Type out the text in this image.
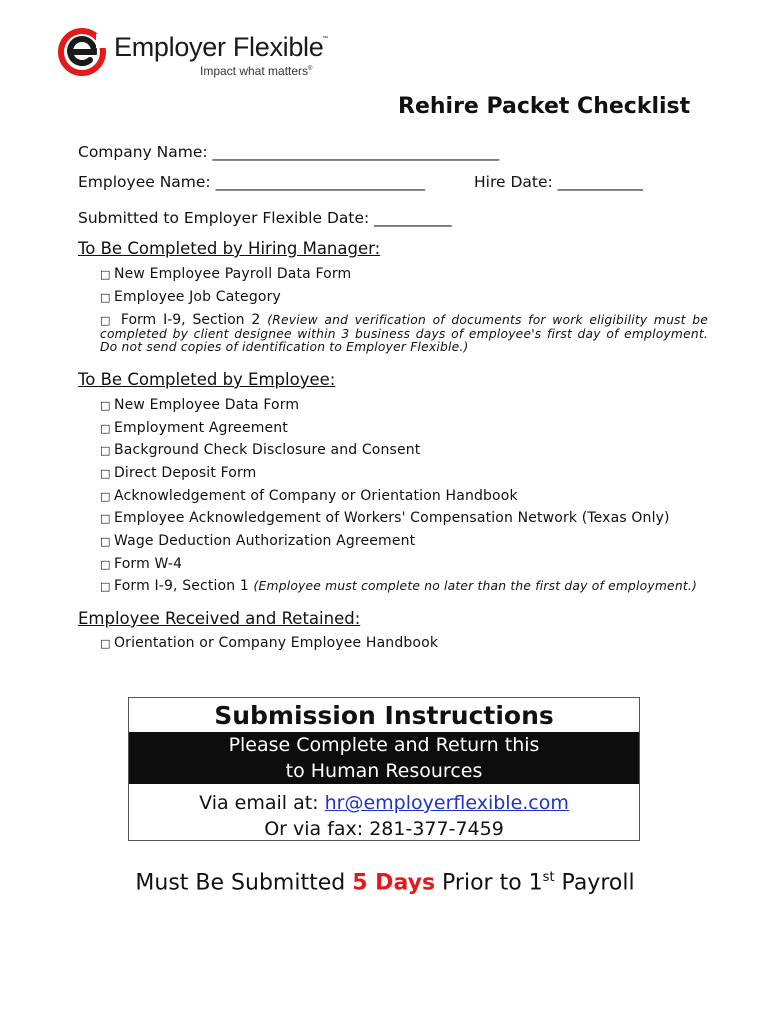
Employer Flexible
™
Impact what matters®
Rehire Packet Checklist
Company Name: _____________________________________
Employee Name: ___________________________	Hire Date: ___________
Submitted to Employer Flexible Date: __________
To Be Completed by Hiring Manager:
□ New Employee Payroll Data Form
□ Employee Job Category
□ Form I-9, Section 2 (Review and verification of documents for work eligibility must be completed by client designee within 3 business days of employee's first day of employment. Do not send copies of identification to Employer Flexible.)
To Be Completed by Employee:
□ New Employee Data Form
□ Employment Agreement
□ Background Check Disclosure and Consent
□ Direct Deposit Form
□ Acknowledgement of Company or Orientation Handbook
□ Employee Acknowledgement of Workers' Compensation Network (Texas Only)
□ Wage Deduction Authorization Agreement
□ Form W-4
□ Form I-9, Section 1 (Employee must complete no later than the first day of employment.)
Employee Received and Retained:
□ Orientation or Company Employee Handbook
Submission Instructions
Please Complete and Return this
to Human Resources
Via email at: hr@employerflexible.com
Or via fax: 281-377-7459
Must Be Submitted 5 Days Prior to 1st Payroll
